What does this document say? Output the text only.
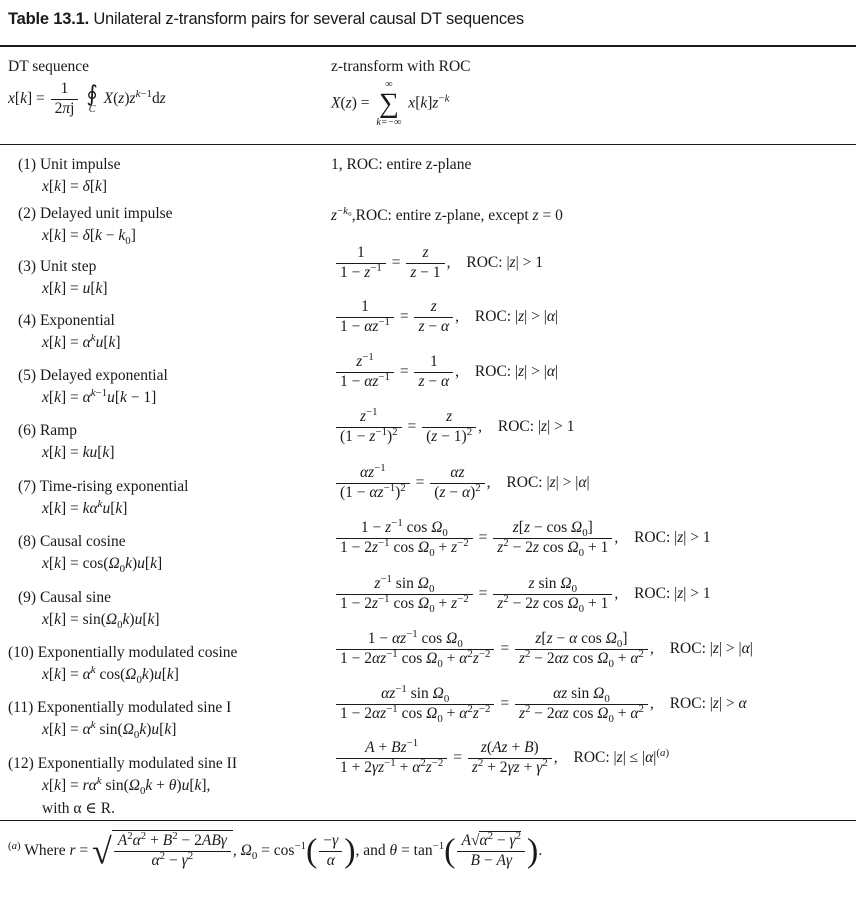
Table 13.1. Unilateral z-transform pairs for several causal DT sequences
DT sequence	z-transform with ROC
$x[k] = \frac{1}{2\pi j}$
∮
C
$X(z)z^{k-1}dz$	X(z) =
∞
∑
k=−∞
$x[k]z^{-k}$
(1) Unit impulse
x[k] = δ[k]
1, ROC: entire z-plane
(2) Delayed unit impulse
$x[k] = \delta[k - k_0]$
$z^{-k_0},ROC$: entire z-plane, except z = 0
(3) Unit step
x[k] = u[k]
$\frac{1}{1 - z^{-1}} = \frac{z}{z - 1}$ , ROC: |z| > 1
(4) Exponential
$x[k] = \alpha^ku[k]$
$\frac{1}{1 - \alpha z^{-1}} = \frac{z}{z - \alpha}$ , ROC: |z| > |α|
(5) Delayed exponential
$x[k] = \alpha^{k-1}u[k - 1]$
$\frac{z^{-1}}{1 - \alpha z^{-1}} = \frac{1}{z - \alpha}$ , ROC: |z| > |α|
(6) Ramp
x[k] = ku[k]
$\frac{z^{-1}}{(1 - z^{-1})^2} = \frac{z}{(z - 1)^2}$ , ROC: |z| > 1
(7) Time-rising exponential
$x[k] = k\alpha^ku[k]$
$\frac{\alpha z^{-1}}{(1 - \alpha z^{-1})^2} = \frac{\alpha z}{(z - \alpha)^2}$ , ROC: |z| > |α|
(8) Causal cosine
$x[k] = \cos(\Omega_0k)u[k]$
$\frac{1 - z^{-1} \cos \Omega_0}{1 - 2z^{-1} \cos \Omega_0 + z^{-2}} = \frac{z[z - \cos \Omega_0]}{z^2 - 2z \cos \Omega_0 + 1}$ , ROC: |z| > 1
(9) Causal sine
$x[k] = \sin(\Omega_0k)u[k]$
$\frac{z^{-1} \sin \Omega_0}{1 - 2z^{-1} \cos \Omega_0 + z^{-2}} = \frac{z \sin \Omega_0}{z^2 - 2z \cos \Omega_0 + 1}$ , ROC: |z| > 1
(10) Exponentially modulated cosine
$x[k] = \alpha^k$ $\cos(\Omega_0k)u[k]$
$\frac{1 - \alpha z^{-1} \cos \Omega_0}{1 - 2\alpha z^{-1} \cos \Omega_0 + \alpha^2z^{-2}} = \frac{z[z - \alpha \cos \Omega_0]}{z^2 - 2\alpha z \cos \Omega_0 + \alpha^2}$ , ROC: |z| > |α|
(11) Exponentially modulated sine I
$x[k] = \alpha^k$ $\sin(\Omega_0k)u[k]$
$\frac{\alpha z^{-1} \sin \Omega_0}{1 - 2\alpha z^{-1} \cos \Omega_0 + \alpha^2z^{-2}} = \frac{\alpha z \sin \Omega_0}{z^2 - 2\alpha z \cos \Omega_0 + \alpha^2}$ , ROC: |z| > α
(12) Exponentially modulated sine II
$x[k] = r\alpha^k$ $\sin(\Omega_0k + \theta)u[k]$,
with α ∈ R.
$\frac{A + Bz^{-1}}{1 + 2\gamma z^{-1} + \alpha^2z^{-2}} = \frac{z(Az + B)}{z^2 + 2\gamma z + \gamma^2}$ , ROC: $|z| \le |\alpha|^{(a)}$
$^{(a)}$ Where r = √ $\frac{A^2\alpha^2 + B^2 - 2AB\gamma}{\alpha^2 - \gamma^2}$ , $\Omega_0 = \cos^{-1}( \frac{-\gamma}{\alpha}$ ), and $\theta = \tan^{-1}( \frac{A√\alpha^2 - \gamma^2}{B - A\gamma}$ ).
